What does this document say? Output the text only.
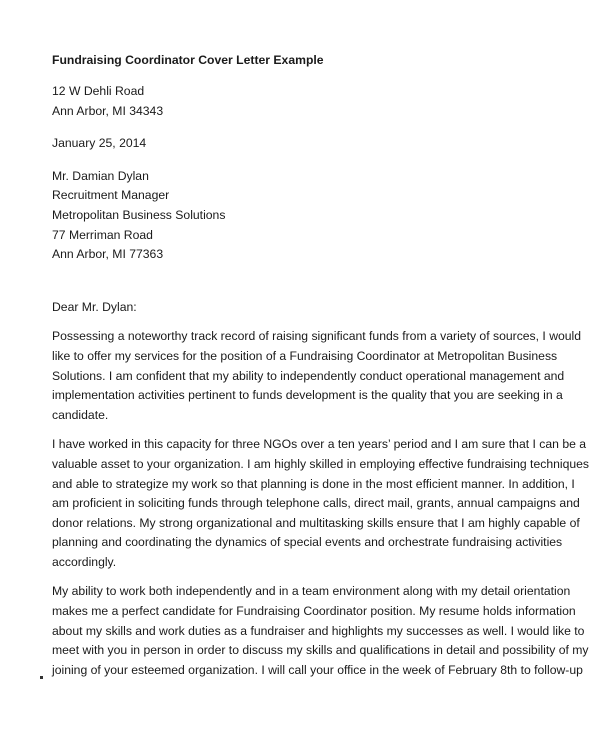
Fundraising Coordinator Cover Letter Example
12 W Dehli Road
Ann Arbor, MI 34343
January 25, 2014
Mr. Damian Dylan
Recruitment Manager
Metropolitan Business Solutions
77 Merriman Road
Ann Arbor, MI 77363
Dear Mr. Dylan:
Possessing a noteworthy track record of raising significant funds from a variety of sources, I would
like to offer my services for the position of a Fundraising Coordinator at Metropolitan Business
Solutions. I am confident that my ability to independently conduct operational management and
implementation activities pertinent to funds development is the quality that you are seeking in a
candidate.
I have worked in this capacity for three NGOs over a ten years’ period and I am sure that I can be a
valuable asset to your organization. I am highly skilled in employing effective fundraising techniques
and able to strategize my work so that planning is done in the most efficient manner. In addition, I
am proficient in soliciting funds through telephone calls, direct mail, grants, annual campaigns and
donor relations. My strong organizational and multitasking skills ensure that I am highly capable of
planning and coordinating the dynamics of special events and orchestrate fundraising activities
accordingly.
My ability to work both independently and in a team environment along with my detail orientation
makes me a perfect candidate for Fundraising Coordinator position. My resume holds information
about my skills and work duties as a fundraiser and highlights my successes as well. I would like to
meet with you in person in order to discuss my skills and qualifications in detail and possibility of my
joining of your esteemed organization. I will call your office in the week of February 8th to follow-up
